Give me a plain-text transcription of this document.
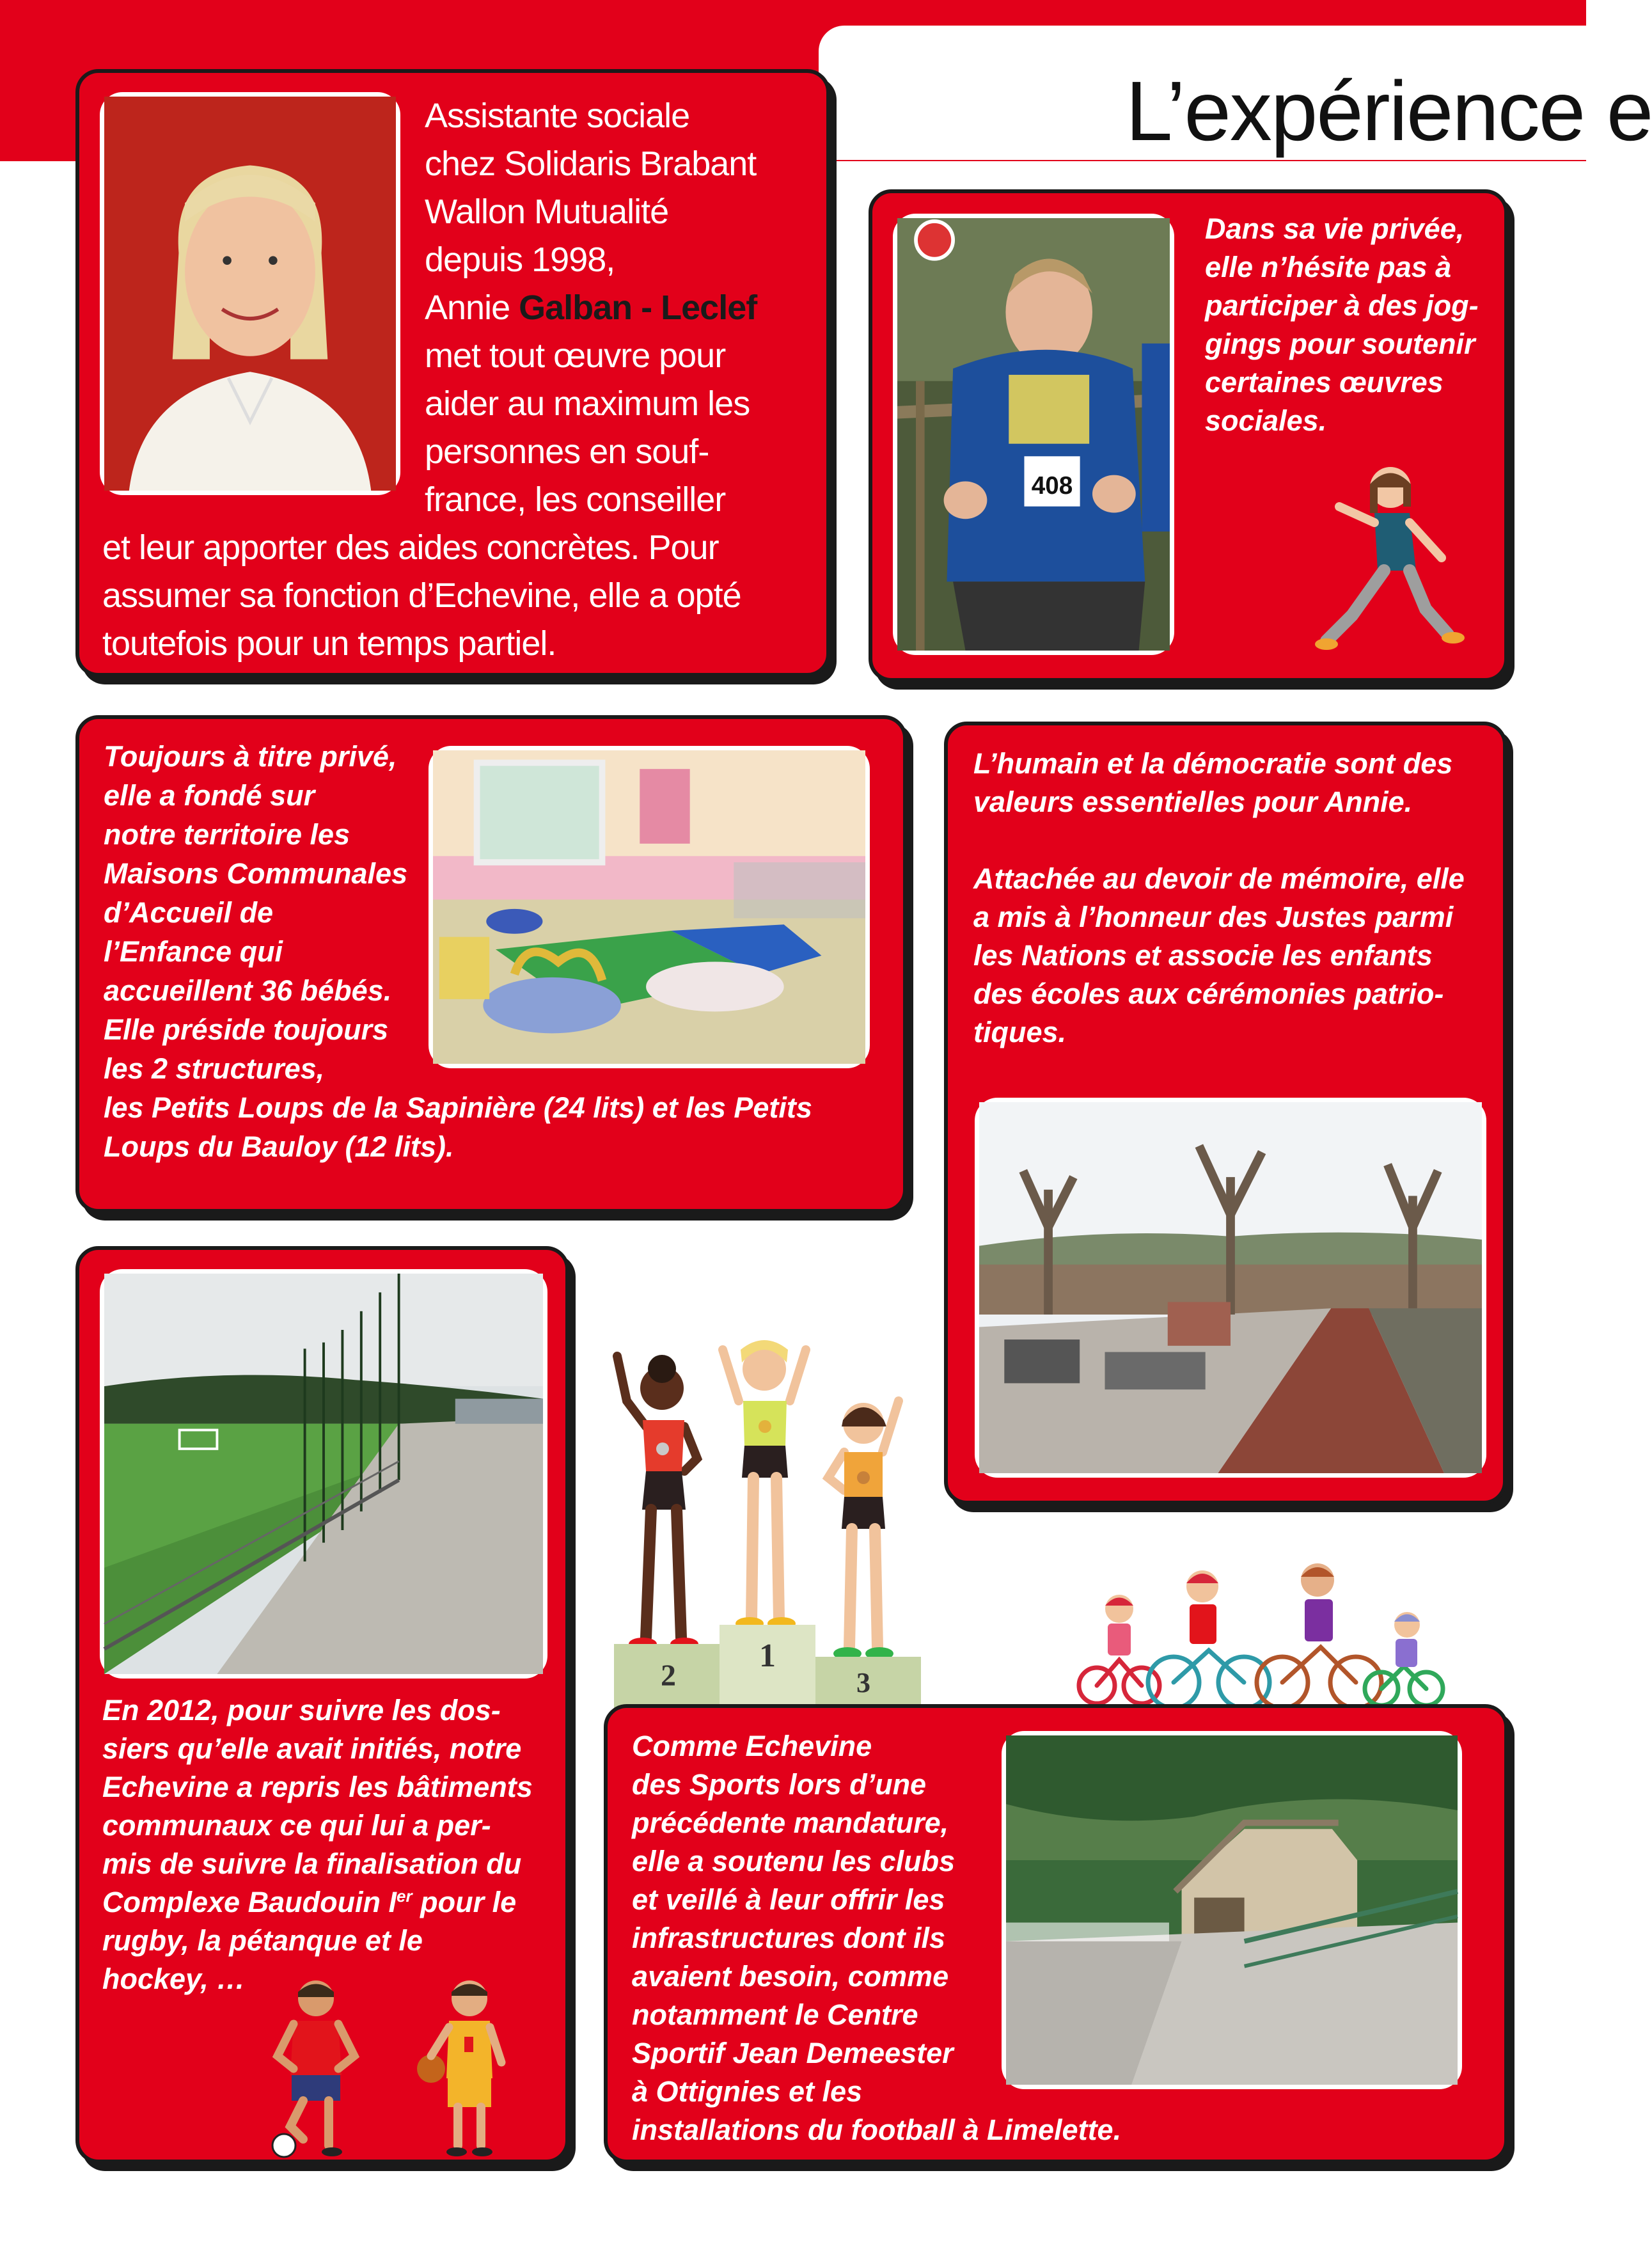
L’expérience e
Assistante sociale
chez Solidaris Brabant
Wallon Mutualité
depuis 1998,
Annie Galban - Leclef
met tout œuvre pour
aider au maximum les
personnes en souf-
france, les conseiller
et leur apporter des aides concrètes. Pour
assumer sa fonction d’Echevine, elle a opté
toutefois pour un temps partiel.
408
Dans sa vie privée,
elle n’hésite pas à
participer à des jog-
gings pour soutenir
certaines œuvres
sociales.
Toujours à titre privé,
elle a fondé sur
notre territoire les
Maisons Communales
d’Accueil de
l’Enfance qui
accueillent 36 bébés.
Elle préside toujours
les 2 structures,
les Petits Loups de la Sapinière (24 lits) et les Petits
Loups du Bauloy (12 lits).
L’humain et la démocratie sont des
valeurs essentielles pour Annie.

Attachée au devoir de mémoire, elle
a mis à l’honneur des Justes parmi
les Nations et associe les enfants
des écoles aux cérémonies patrio-
tiques.
En 2012, pour suivre les dos-
siers qu’elle avait initiés, notre
Echevine a repris les bâtiments
communaux ce qui lui a per-
mis de suivre la finalisation du
Complexe Baudouin Ier pour le
rugby, la pétanque et le
hockey, …
2
1
3
Comme Echevine
des Sports lors d’une
précédente mandature,
elle a soutenu les clubs
et veillé à leur offrir les
infrastructures dont ils
avaient besoin, comme
notamment le Centre
Sportif Jean Demeester
à Ottignies et les
installations du football à Limelette.
